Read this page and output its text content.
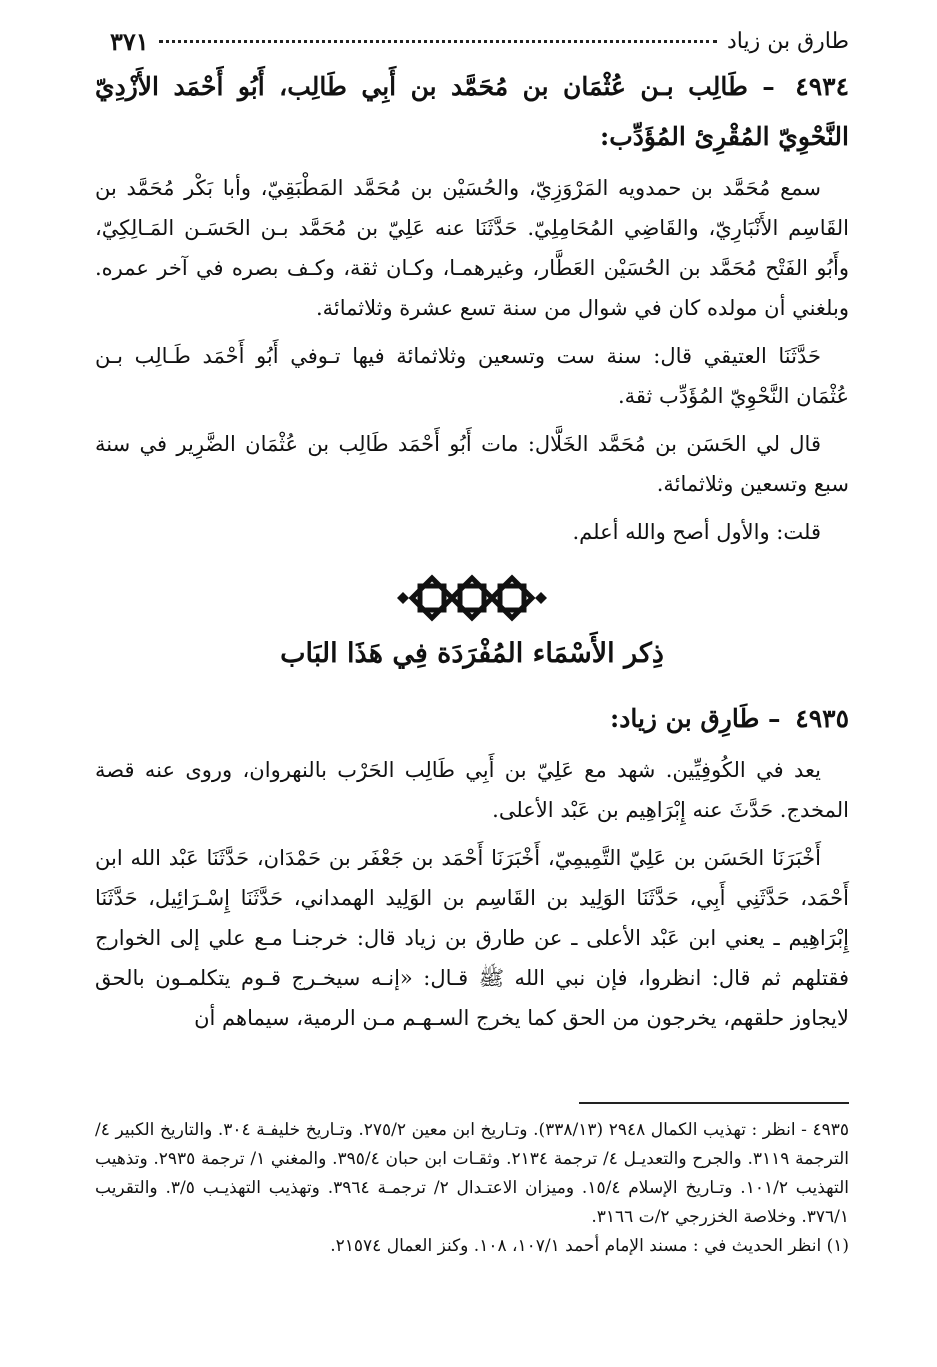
طارق بن زياد
٣٧١
٤٩٣٤ – طَالِب بـن عُثْمَان بن مُحَمَّد بن أَبِي طَالِب، أَبُو أَحْمَد الأَزْدِيّ النَّحْوِيّ المُقْرِئ المُؤَدِّب:

سمع مُحَمَّد بن حمدويه المَرْوَزِيّ، والحُسَيْن بن مُحَمَّد المَطْبَقِيّ، وأبا بَكْر مُحَمَّد بن القَاسِم الأَنْبَارِيّ، والقَاضِي المُحَامِلِيّ. حَدَّثَنَا عنه عَلِيّ بن مُحَمَّد بـن الحَسَـن المَـالِكِيّ، وأَبُو الفَتْح مُحَمَّد بن الحُسَيْن العَطَّار، وغيرهمـا، وكـان ثقة، وكـف بصره في آخر عمره. وبلغني أن مولده كان في شوال من سنة تسع عشرة وثلاثمائة.

حَدَّثَنَا العتيقي قال: سنة ست وتسعين وثلاثمائة فيها تـوفي أَبُو أَحْمَد طَـالِب بـن عُثْمَان النَّحْوِيّ المُؤَدِّب ثقة.

قال لي الحَسَن بن مُحَمَّد الخَلَّال: مات أَبُو أَحْمَد طَالِب بن عُثْمَان الضَّرِير في سنة سبع وتسعين وثلاثمائة.

قلت: والأول أصح والله أعلم.

ذِكر الأَسْمَاء المُفْرَدَة فِي هَذَا البَاب
٤٩٣٥ – طَارِق بن زياد:

يعد في الكُوفِيِّين. شهد مع عَلِيّ بن أَبِي طَالِب الحَرْب بالنهروان، وروى عنه قصة المخدج. حَدَّثَ عنه إِبْرَاهِيم بن عَبْد الأعلى.

أَخْبَرَنَا الحَسَن بن عَلِيّ التَّمِيمِيّ، أَخْبَرَنَا أَحْمَد بن جَعْفَر بن حَمْدَان، حَدَّثَنَا عَبْد الله ابن أَحْمَد، حَدَّثَنِي أَبِي، حَدَّثَنَا الوَلِيد بن القَاسِم بن الوَلِيد الهمداني، حَدَّثَنَا إِسْـرَائِيل، حَدَّثَنَا إِبْرَاهِيم ـ يعني ابن عَبْد الأعلى ـ عن طارق بن زياد قال: خرجنـا مـع علي إلى الخوارج فقتلهم ثم قال: انظروا، فإن نبي الله ﷺ قـال: «إنـه سيخـرج قـوم يتكلمـون بالحق لايجاوز حلقهم، يخرجون من الحق كما يخرج السـهـم مـن الرمية، سيماهم أن

٤٩٣٥ - انظر : تهذيب الكمال ٢٩٤٨ (٣٣٨/١٣). وتـاريخ ابن معين ٢٧٥/٢. وتـاريخ خليفـة ٣٠٤. والتاريخ الكبير ٤/ الترجمة ٣١١٩. والجرح والتعديـل ٤/ ترجمة ٢١٣٤. وثقـات ابن حبان ٣٩٥/٤. والمغني ١/ ترجمة ٢٩٣٥. وتذهيب التهذيب ١٠١/٢. وتـاريخ الإسلام ١٥/٤. وميزان الاعتـدال ٢/ ترجمـة ٣٩٦٤. وتهذيب التهذيـب ٣/٥. والتقريب ٣٧٦/١. وخلاصة الخزرجي ٢/ت ٣١٦٦.

(١) انظر الحديث في : مسند الإمام أحمد ١٠٧/١، ١٠٨. وكنز العمال ٢١٥٧٤.
